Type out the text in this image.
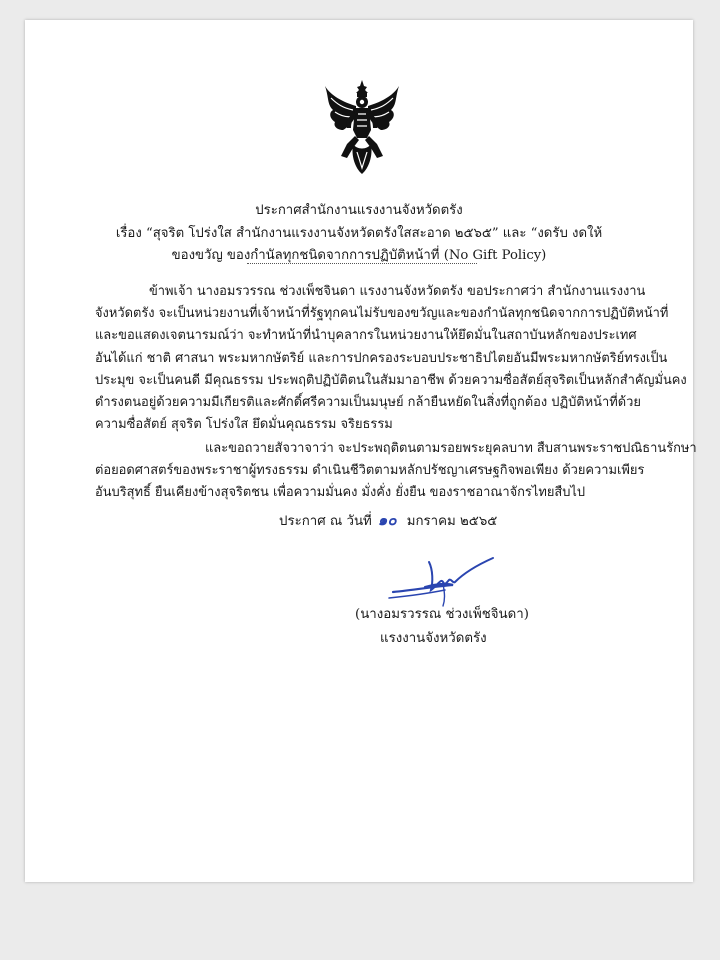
ประกาศสำนักงานแรงงานจังหวัดตรัง
เรื่อง “สุจริต โปร่งใส สำนักงานแรงงานจังหวัดตรังใสสะอาด ๒๕๖๕” และ “งดรับ งดให้
ของขวัญ ของกำนัลทุกชนิดจากการปฏิบัติหน้าที่ (No Gift Policy)
ข้าพเจ้า นางอมรวรรณ ช่วงเพ็ชจินดา แรงงานจังหวัดตรัง ขอประกาศว่า สำนักงานแรงงาน
จังหวัดตรัง จะเป็นหน่วยงานที่เจ้าหน้าที่รัฐทุกคนไม่รับของขวัญและของกำนัลทุกชนิดจากการปฏิบัติหน้าที่
และขอแสดงเจตนารมณ์ว่า จะทำหน้าที่นำบุคลากรในหน่วยงานให้ยึดมั่นในสถาบันหลักของประเทศ
อันได้แก่ ชาติ ศาสนา พระมหากษัตริย์ และการปกครองระบอบประชาธิปไตยอันมีพระมหากษัตริย์ทรงเป็น
ประมุข จะเป็นคนดี มีคุณธรรม ประพฤติปฏิบัติตนในสัมมาอาชีพ ด้วยความซื่อสัตย์สุจริตเป็นหลักสำคัญมั่นคง
ดำรงตนอยู่ด้วยความมีเกียรติและศักดิ์ศรีความเป็นมนุษย์ กล้ายืนหยัดในสิ่งที่ถูกต้อง ปฏิบัติหน้าที่ด้วย
ความซื่อสัตย์ สุจริต โปร่งใส ยึดมั่นคุณธรรม จริยธรรม
และขอถวายสัจวาจาว่า จะประพฤติตนตามรอยพระยุคลบาท สืบสานพระราชปณิธานรักษา
ต่อยอดศาสตร์ของพระราชาผู้ทรงธรรม ดำเนินชีวิตตามหลักปรัชญาเศรษฐกิจพอเพียง ด้วยความเพียร
อันบริสุทธิ์ ยืนเคียงข้างสุจริตชน เพื่อความมั่นคง มั่งคั่ง ยั่งยืน ของราชอาณาจักรไทยสืบไป
ประกาศ ณ วันที่ ๑๐ มกราคม ๒๕๖๕
(นางอมรวรรณ ช่วงเพ็ชจินดา)
แรงงานจังหวัดตรัง
